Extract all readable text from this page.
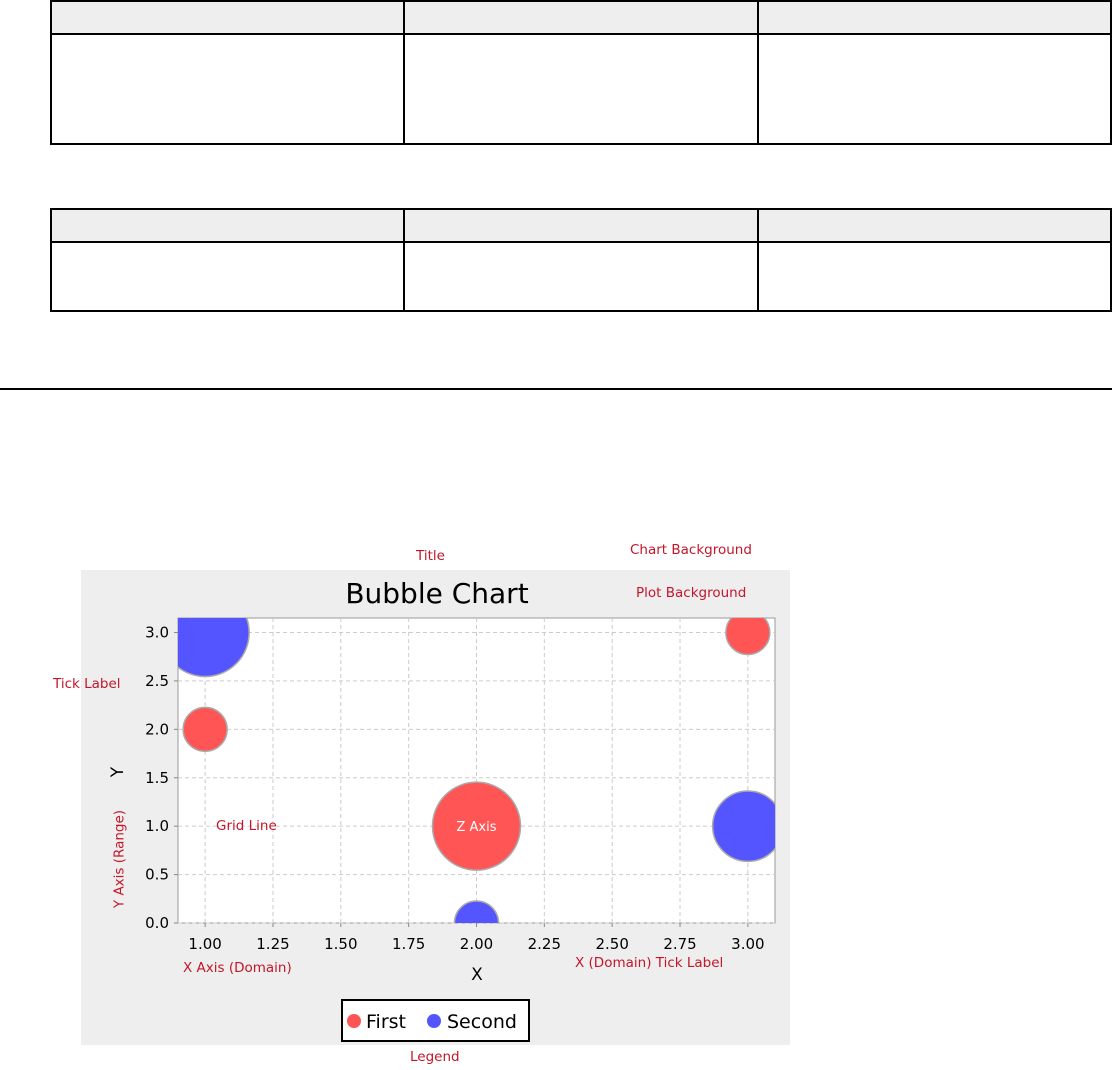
Bubble Chart
0.0
0.5
1.0
1.5
2.0
2.5
3.0
1.00 1.25 1.50 1.75 2.00 2.25 2.50 2.75 3.00
X
Y
First Second
Z Axis
Title	Chart Background
Plot Background
Tick Label
Grid Line
Y Axis (Range)
X Axis (Domain)	X (Domain) Tick Label
Legend
